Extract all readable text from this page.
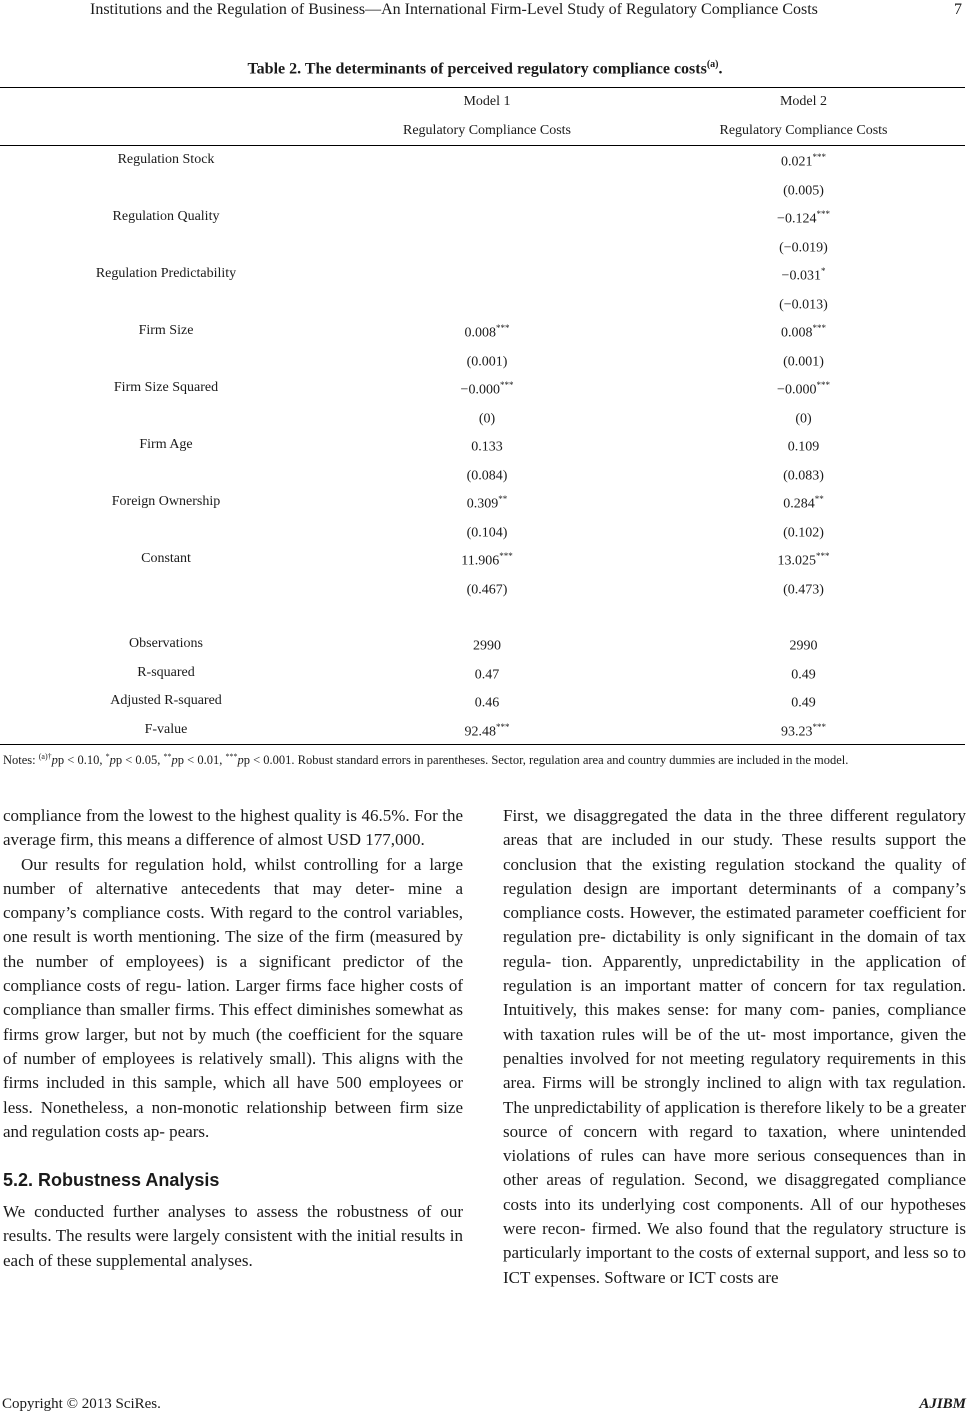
Institutions and the Regulation of Business—An International Firm-Level Study of Regulatory Compliance Costs	7
Table 2. The determinants of perceived regulatory compliance costs$^{(a)}$.
	Model 1	Model 2
	Regulatory Compliance Costs	Regulatory Compliance Costs
Regulation Stock		0.021***
		(0.005)
Regulation Quality		−0.124***
		(−0.019)
Regulation Predictability		−0.031*
		(−0.013)
Firm Size	0.008***	0.008***
	(0.001)	(0.001)
Firm Size Squared	−0.000***	−0.000***
	(0)	(0)
Firm Age	0.133	0.109
	(0.084)	(0.083)
Foreign Ownership	0.309**	0.284**
	(0.104)	(0.102)
Constant	11.906***	13.025***
	(0.467)	(0.473)

Observations	2990	2990
R-squared	0.47	0.49
Adjusted R-squared	0.46	0.49
F-value	92.48***	93.23***
Notes: $^{(a)\dagger}$pp < 0.10, *pp < 0.05, **pp < 0.01, ***pp < 0.001. Robust standard errors in parentheses. Sector, regulation area and country dummies are included in the model.

compliance from the lowest to the highest quality is 46.5%. For the average firm, this means a difference of almost USD 177,000.

Our results for regulation hold, whilst controlling for a large number of alternative antecedents that may deter- mine a company’s compliance costs. With regard to the control variables, one result is worth mentioning. The size of the firm (measured by the number of employees) is a significant predictor of the compliance costs of regu- lation. Larger firms face higher costs of compliance than smaller firms. This effect diminishes somewhat as firms grow larger, but not by much (the coefficient for the square of number of employees is relatively small). This aligns with the firms included in this sample, which all have 500 employees or less. Nonetheless, a non-monotic relationship between firm size and regulation costs ap- pears.

5.2. Robustness Analysis

We conducted further analyses to assess the robustness of our results. The results were largely consistent with the initial results in each of these supplemental analyses.

First, we disaggregated the data in the three different regulatory areas that are included in our study. These results support the conclusion that the existing regulation stockand the quality of regulation design are important determinants of a company’s compliance costs. However, the estimated parameter coefficient for regulation pre- dictability is only significant in the domain of tax regula- tion. Apparently, unpredictability in the application of regulation is an important matter of concern for tax regulation. Intuitively, this makes sense: for many com- panies, compliance with taxation rules will be of the ut- most importance, given the penalties involved for not meeting regulatory requirements in this area. Firms will be strongly inclined to align with tax regulation. The unpredictability of application is therefore likely to be a greater source of concern with regard to taxation, where unintended violations of rules can have more serious consequences than in other areas of regulation. Second, we disaggregated compliance costs into its underlying cost components. All of our hypotheses were recon- firmed. We also found that the regulatory structure is particularly important to the costs of external support, and less so to ICT expenses. Software or ICT costs are

Copyright © 2013 SciRes.	AJIBM
